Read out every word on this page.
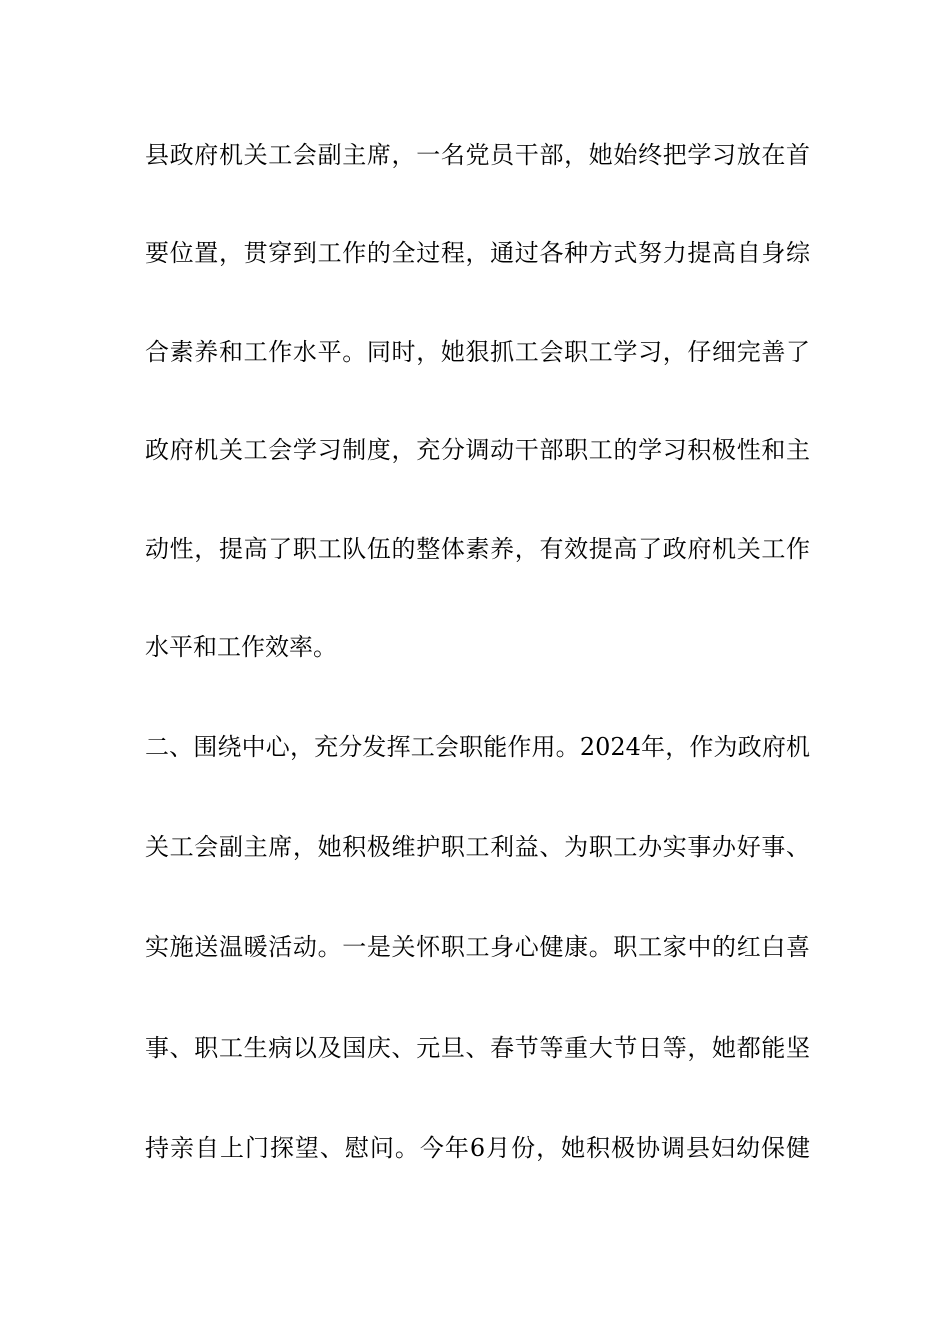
县政府机关工会副主席，一名党员干部，她始终把学习放在首
要位置，贯穿到工作的全过程，通过各种方式努力提高自身综
合素养和工作水平。同时，她狠抓工会职工学习，仔细完善了
政府机关工会学习制度，充分调动干部职工的学习积极性和主
动性，提高了职工队伍的整体素养，有效提高了政府机关工作
水平和工作效率。
二、围绕中心，充分发挥工会职能作用。2024年，作为政府机
关工会副主席，她积极维护职工利益、为职工办实事办好事、
实施送温暖活动。一是关怀职工身心健康。职工家中的红白喜
事、职工生病以及国庆、元旦、春节等重大节日等，她都能坚
持亲自上门探望、慰问。今年6月份，她积极协调县妇幼保健
